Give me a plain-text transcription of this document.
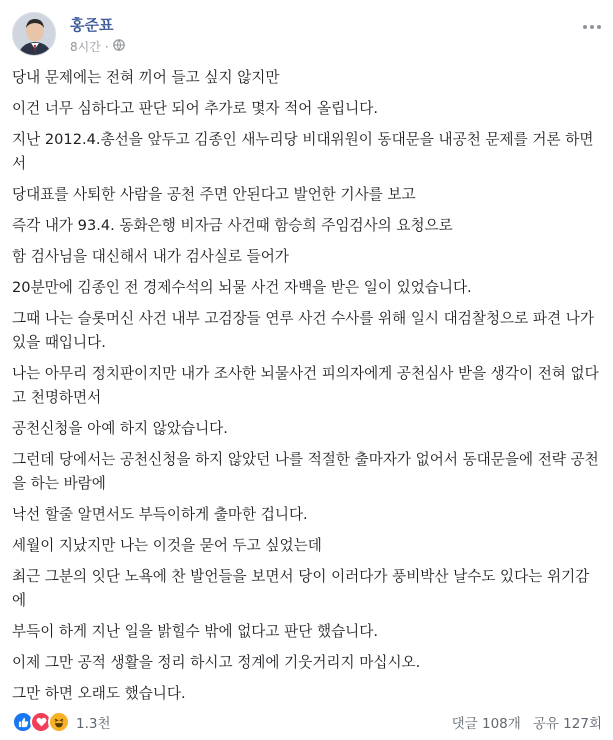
홍준표
8시간 ·

당내 문제에는 전혀 끼어 들고 싶지 않지만

이건 너무 심하다고 판단 되어 추가로 몇자 적어 올립니다.

지난 2012.4.총선을 앞두고 김종인 새누리당 비대위원이 동대문을 내공천 문제를 거론 하면서

당대표를 사퇴한 사람을 공천 주면 안된다고 발언한 기사를 보고

즉각 내가 93.4. 동화은행 비자금 사건때 함승희 주임검사의 요청으로

함 검사님을 대신해서 내가 검사실로 들어가

20분만에 김종인 전 경제수석의 뇌물 사건 자백을 받은 일이 있었습니다.

그때 나는 슬롯머신 사건 내부 고검장들 연루 사건 수사를 위해 일시 대검찰청으로 파견 나가 있을 때입니다.

나는 아무리 정치판이지만 내가 조사한 뇌물사건 피의자에게 공천심사 받을 생각이 전혀 없다고 천명하면서

공천신청을 아예 하지 않았습니다.

그런데 당에서는 공천신청을 하지 않았던 나를 적절한 출마자가 없어서 동대문을에 전략 공천을 하는 바람에

낙선 할줄 알면서도 부득이하게 출마한 겁니다.

세월이 지났지만 나는 이것을 묻어 두고 싶었는데

최근 그분의 잇단 노욕에 찬 발언들을 보면서 당이 이러다가 풍비박산 날수도 있다는 위기감에

부득이 하게 지난 일을 밝힐수 밖에 없다고 판단 했습니다.

이제 그만 공적 생활을 정리 하시고 정계에 기웃거리지 마십시오.

그만 하면 오래도 했습니다.

1.3천	댓글 108개 공유 127회
